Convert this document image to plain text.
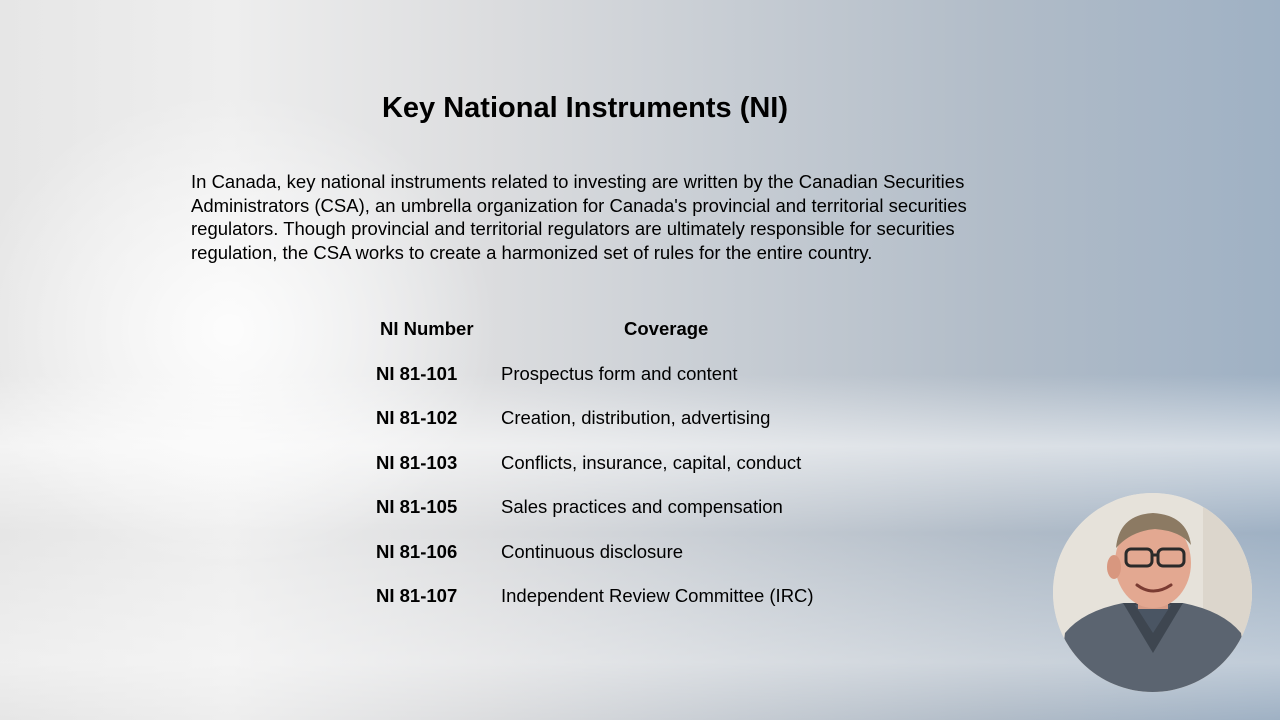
Key National Instruments (NI)
In Canada, key national instruments related to investing are written by the Canadian Securities Administrators (CSA), an umbrella organization for Canada's provincial and territorial securities regulators. Though provincial and territorial regulators are ultimately responsible for securities regulation, the CSA works to create a harmonized set of rules for the entire country.
NI Number	Coverage
NI 81-101 Prospectus form and content
NI 81-102 Creation, distribution, advertising
NI 81-103 Conflicts, insurance, capital, conduct
NI 81-105 Sales practices and compensation
NI 81-106 Continuous disclosure
NI 81-107 Independent Review Committee (IRC)
